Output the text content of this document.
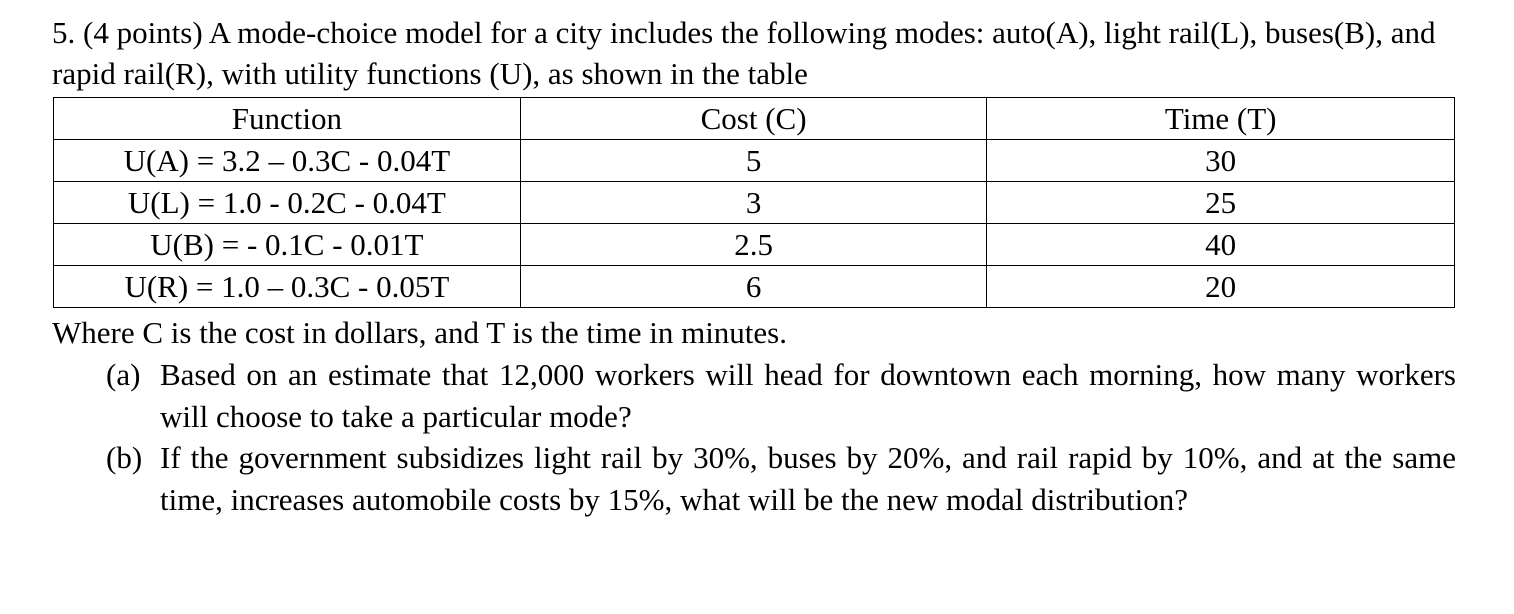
5. (4 points) A mode-choice model for a city includes the following modes: auto(A), light rail(L), buses(B), and rapid rail(R), with utility functions (U), as shown in the table

Function	Cost (C)	Time (T)
U(A) = 3.2 – 0.3C - 0.04T	5	30
U(L) = 1.0 - 0.2C - 0.04T	3	25
U(B) = - 0.1C - 0.01T	2.5	40
U(R) = 1.0 – 0.3C - 0.05T	6	20

Where C is the cost in dollars, and T is the time in minutes.

(a) Based on an estimate that 12,000 workers will head for downtown each morning, how many workers will choose to take a particular mode?
(b) If the government subsidizes light rail by 30%, buses by 20%, and rail rapid by 10%, and at the same time, increases automobile costs by 15%, what will be the new modal distribution?
